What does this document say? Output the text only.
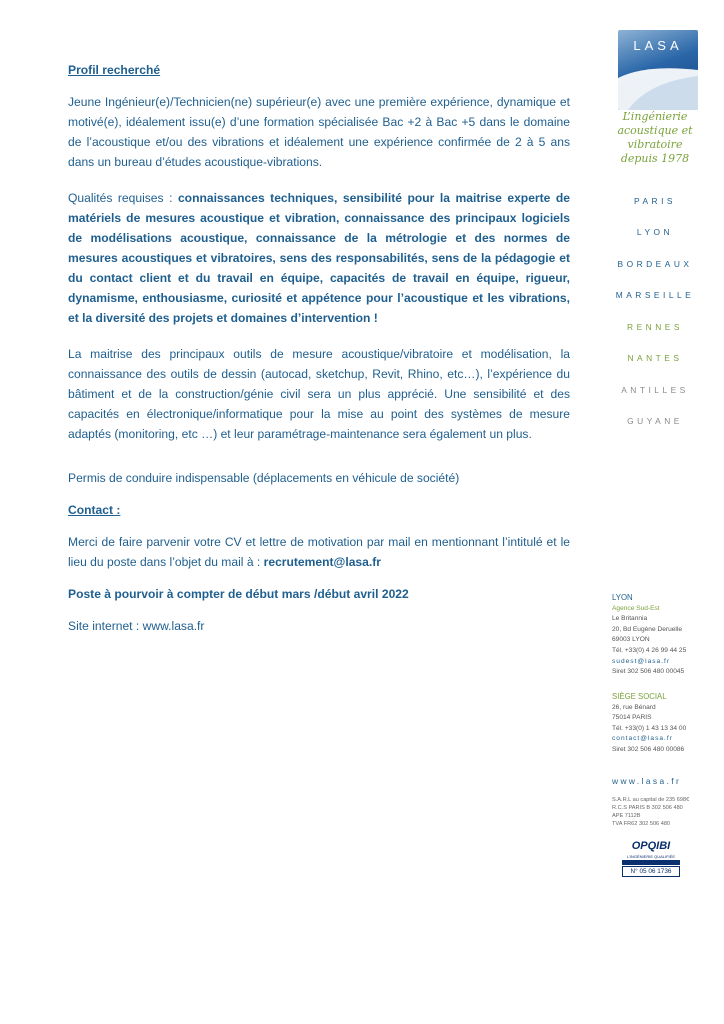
Profil recherché

Jeune Ingénieur(e)/Technicien(ne) supérieur(e) avec une première expérience, dynamique et motivé(e), idéalement issu(e) d’une formation spécialisée Bac +2 à Bac +5 dans le domaine de l’acoustique et/ou des vibrations et idéalement une expérience confirmée de 2 à 5 ans dans un bureau d’études acoustique-vibrations.

Qualités requises : connaissances techniques, sensibilité pour la maitrise experte de matériels de mesures acoustique et vibration, connaissance des principaux logiciels de modélisations acoustique, connaissance de la métrologie et des normes de mesures acoustiques et vibratoires, sens des responsabilités, sens de la pédagogie et du contact client et du travail en équipe, capacités de travail en équipe, rigueur, dynamisme, enthousiasme, curiosité et appétence pour l’acoustique et les vibrations, et la diversité des projets et domaines d’intervention !

La maitrise des principaux outils de mesure acoustique/vibratoire et modélisation, la connaissance des outils de dessin (autocad, sketchup, Revit, Rhino, etc…), l’expérience du bâtiment et de la construction/génie civil sera un plus apprécié. Une sensibilité et des capacités en électronique/informatique pour la mise au point des systèmes de mesure adaptés (monitoring, etc …) et leur paramétrage-maintenance sera également un plus.

Permis de conduire indispensable (déplacements en véhicule de société)

Contact :

Merci de faire parvenir votre CV et lettre de motivation par mail en mentionnant l’intitulé et le lieu du poste dans l’objet du mail à : recrutement@lasa.fr

Poste à pourvoir à compter de début mars /début avril 2022

Site internet : www.lasa.fr

LASA
L’ingénierie
acoustique et vibratoire
depuis 1978
PARIS
LYON
BORDEAUX
MARSEILLE
RENNES
NANTES
ANTILLES
GUYANE
LYON
Agence Sud-Est
Le Britannia
20, Bd Eugène Deruelle
69003 LYON
Tél. +33(0) 4 26 99 44 25
sudest@lasa.fr
Siret 302 506 480 00045
SIÈGE SOCIAL
26, rue Bénard
75014 PARIS
Tél. +33(0) 1 43 13 34 00
contact@lasa.fr
Siret 302 506 480 00086
www.lasa.fr
S.A.R.L au capital de 235 698€
R.C.S PARIS B 302 506 480
APE 7112B
TVA FR62 302 506 480
OPQIBI
L’INGÉNIERIE QUALIFIÉE
N° 05 06 1736
